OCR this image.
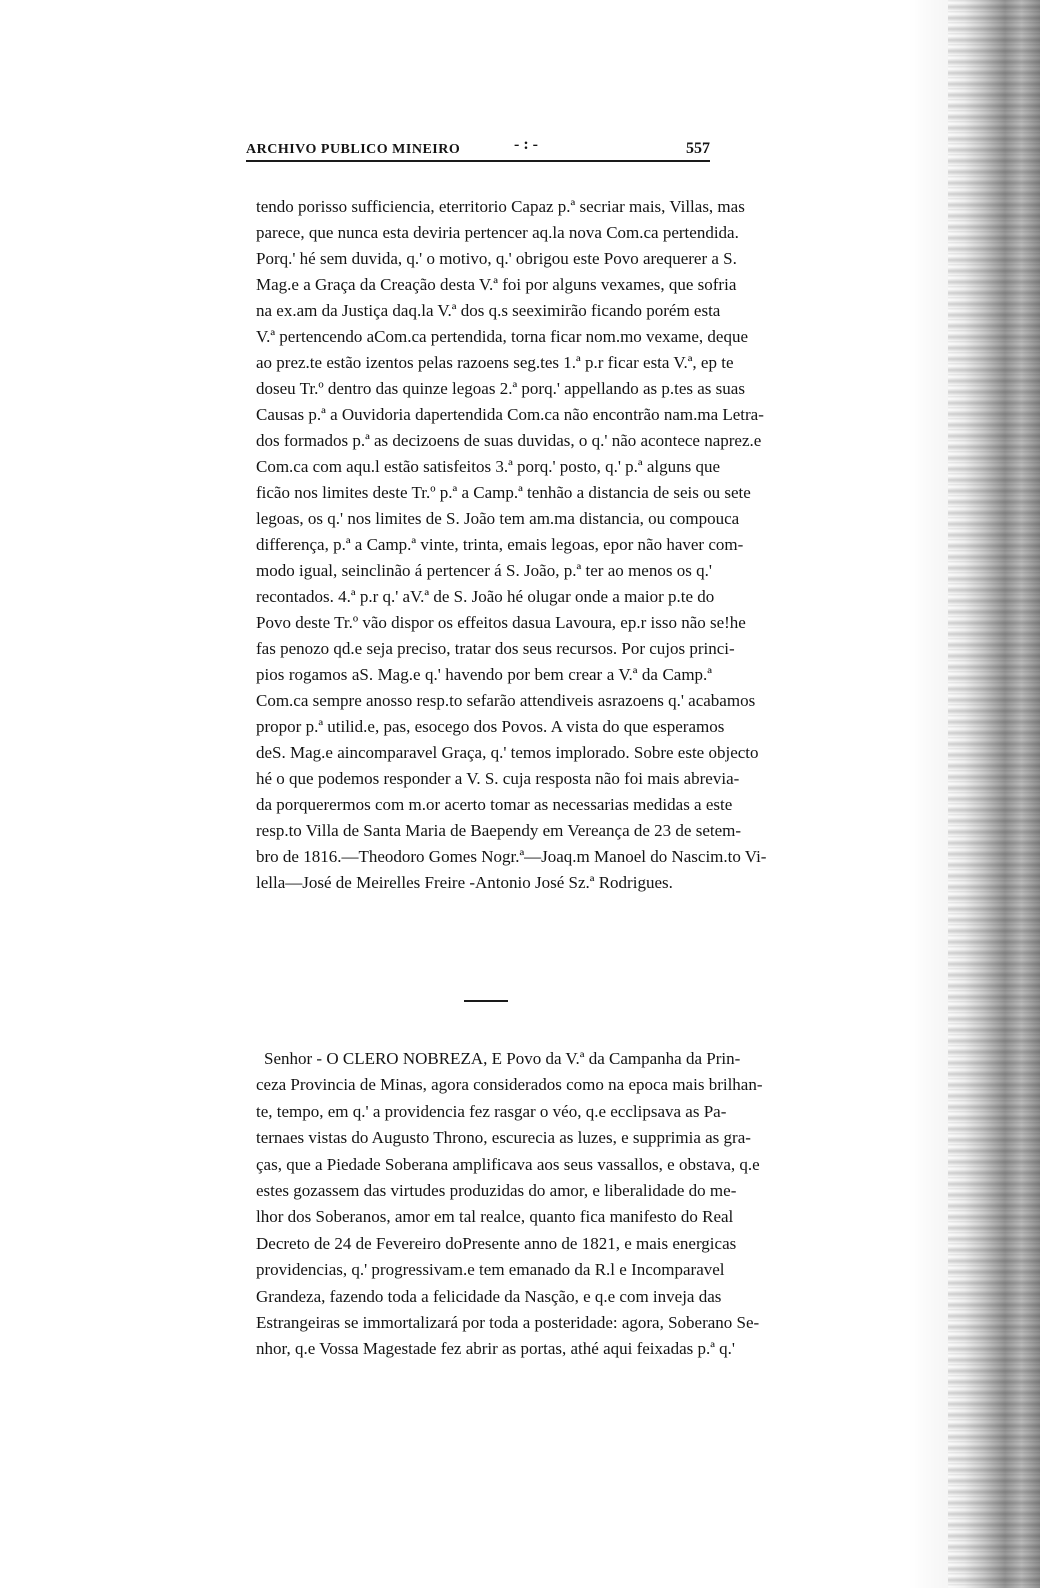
ARCHIVO PUBLICO MINEIRO	- : -	557
tendo porisso sufficiencia, eterritorio Capaz p.ª secriar mais, Villas, mas
parece, que nunca esta deviria pertencer aq.la nova Com.ca pertendida.
Porq.' hé sem duvida, q.' o motivo, q.' obrigou este Povo arequerer a S.
Mag.e a Graça da Creação desta V.ª foi por alguns vexames, que sofria
na ex.am da Justiça daq.la V.ª dos q.s seeximirão ficando porém esta
V.ª pertencendo aCom.ca pertendida, torna ficar nom.mo vexame, deque
ao prez.te estão izentos pelas razoens seg.tes 1.ª p.r ficar esta V.ª, ep te
doseu Tr.º dentro das quinze legoas 2.ª porq.' appellando as p.tes as suas
Causas p.ª a Ouvidoria dapertendida Com.ca não encontrão nam.ma Letra-
dos formados p.ª as decizoens de suas duvidas, o q.' não acontece naprez.e
Com.ca com aqu.l estão satisfeitos 3.ª porq.' posto, q.' p.ª alguns que
ficão nos limites deste Tr.º p.ª a Camp.ª tenhão a distancia de seis ou sete
legoas, os q.' nos limites de S. João tem am.ma distancia, ou compouca
differença, p.ª a Camp.ª vinte, trinta, emais legoas, epor não haver com-
modo igual, seinclinão á pertencer á S. João, p.ª ter ao menos os q.'
recontados. 4.ª p.r q.' aV.ª de S. João hé olugar onde a maior p.te do
Povo deste Tr.º vão dispor os effeitos dasua Lavoura, ep.r isso não se!he
fas penozo qd.e seja preciso, tratar dos seus recursos. Por cujos princi-
pios rogamos aS. Mag.e q.' havendo por bem crear a V.ª da Camp.ª
Com.ca sempre anosso resp.to sefarão attendiveis asrazoens q.' acabamos
propor p.ª utilid.e, pas, esocego dos Povos. A vista do que esperamos
deS. Mag.e aincomparavel Graça, q.' temos implorado. Sobre este objecto
hé o que podemos responder a V. S. cuja resposta não foi mais abrevia-
da porquerermos com m.or acerto tomar as necessarias medidas a este
resp.to Villa de Santa Maria de Baependy em Vereança de 23 de setem-
bro de 1816.—Theodoro Gomes Nogr.ª—Joaq.m Manoel do Nascim.to Vi-
lella—José de Meirelles Freire -Antonio José Sz.ª Rodrigues.
Senhor - O CLERO NOBREZA, E Povo da V.ª da Campanha da Prin-
ceza Provincia de Minas, agora considerados como na epoca mais brilhan-
te, tempo, em q.' a providencia fez rasgar o véo, q.e ecclipsava as Pa-
ternaes vistas do Augusto Throno, escurecia as luzes, e supprimia as gra-
ças, que a Piedade Soberana amplificava aos seus vassallos, e obstava, q.e
estes gozassem das virtudes produzidas do amor, e liberalidade do me-
lhor dos Soberanos, amor em tal realce, quanto fica manifesto do Real
Decreto de 24 de Fevereiro doPresente anno de 1821, e mais energicas
providencias, q.' progressivam.e tem emanado da R.l e Incomparavel
Grandeza, fazendo toda a felicidade da Nasção, e q.e com inveja das
Estrangeiras se immortalizará por toda a posteridade: agora, Soberano Se-
nhor, q.e Vossa Magestade fez abrir as portas, athé aqui feixadas p.ª q.'
